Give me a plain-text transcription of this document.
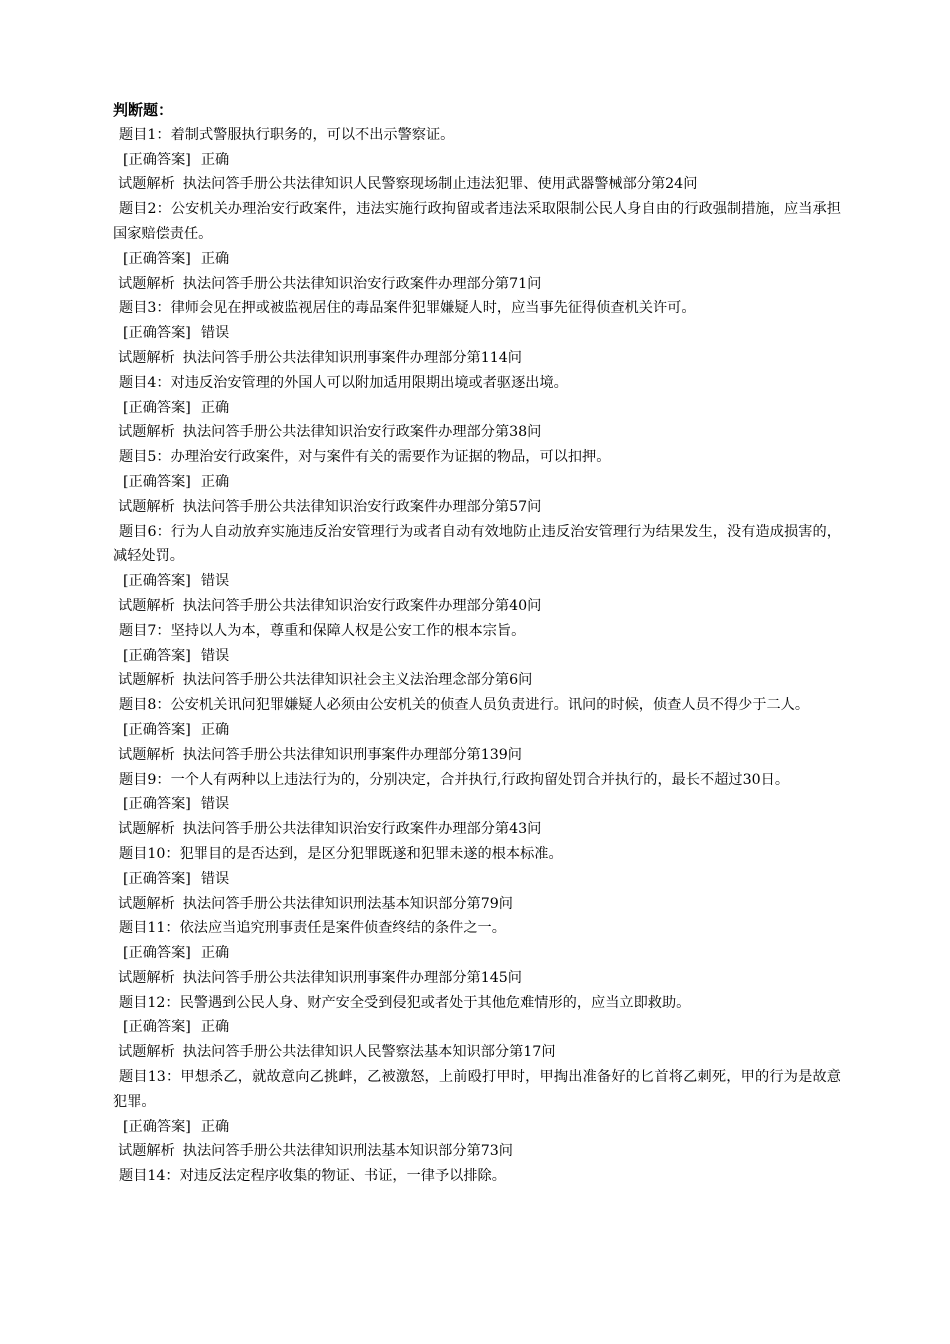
判断题：
题目1：着制式警服执行职务的，可以不出示警察证。
[正确答案] 正确
试题解析 执法问答手册公共法律知识人民警察现场制止违法犯罪、使用武器警械部分第24问
题目2：公安机关办理治安行政案件，违法实施行政拘留或者违法采取限制公民人身自由的行政强制措施，应当承担国家赔偿责任。
[正确答案] 正确
试题解析 执法问答手册公共法律知识治安行政案件办理部分第71问
题目3：律师会见在押或被监视居住的毒品案件犯罪嫌疑人时，应当事先征得侦查机关许可。
[正确答案] 错误
试题解析 执法问答手册公共法律知识刑事案件办理部分第114问
题目4：对违反治安管理的外国人可以附加适用限期出境或者驱逐出境。
[正确答案] 正确
试题解析 执法问答手册公共法律知识治安行政案件办理部分第38问
题目5：办理治安行政案件，对与案件有关的需要作为证据的物品，可以扣押。
[正确答案] 正确
试题解析 执法问答手册公共法律知识治安行政案件办理部分第57问
题目6：行为人自动放弃实施违反治安管理行为或者自动有效地防止违反治安管理行为结果发生，没有造成损害的，减轻处罚。
[正确答案] 错误
试题解析 执法问答手册公共法律知识治安行政案件办理部分第40问
题目7：坚持以人为本，尊重和保障人权是公安工作的根本宗旨。
[正确答案] 错误
试题解析 执法问答手册公共法律知识社会主义法治理念部分第6问
题目8：公安机关讯问犯罪嫌疑人必须由公安机关的侦查人员负责进行。讯问的时候，侦查人员不得少于二人。
[正确答案] 正确
试题解析 执法问答手册公共法律知识刑事案件办理部分第139问
题目9：一个人有两种以上违法行为的，分别决定，合并执行,行政拘留处罚合并执行的，最长不超过30日。
[正确答案] 错误
试题解析 执法问答手册公共法律知识治安行政案件办理部分第43问
题目10：犯罪目的是否达到，是区分犯罪既遂和犯罪未遂的根本标准。
[正确答案] 错误
试题解析 执法问答手册公共法律知识刑法基本知识部分第79问
题目11：依法应当追究刑事责任是案件侦查终结的条件之一。
[正确答案] 正确
试题解析 执法问答手册公共法律知识刑事案件办理部分第145问
题目12：民警遇到公民人身、财产安全受到侵犯或者处于其他危难情形的，应当立即救助。
[正确答案] 正确
试题解析 执法问答手册公共法律知识人民警察法基本知识部分第17问
题目13：甲想杀乙，就故意向乙挑衅，乙被激怒，上前殴打甲时，甲掏出准备好的匕首将乙刺死，甲的行为是故意犯罪。
[正确答案] 正确
试题解析 执法问答手册公共法律知识刑法基本知识部分第73问
题目14：对违反法定程序收集的物证、书证，一律予以排除。
